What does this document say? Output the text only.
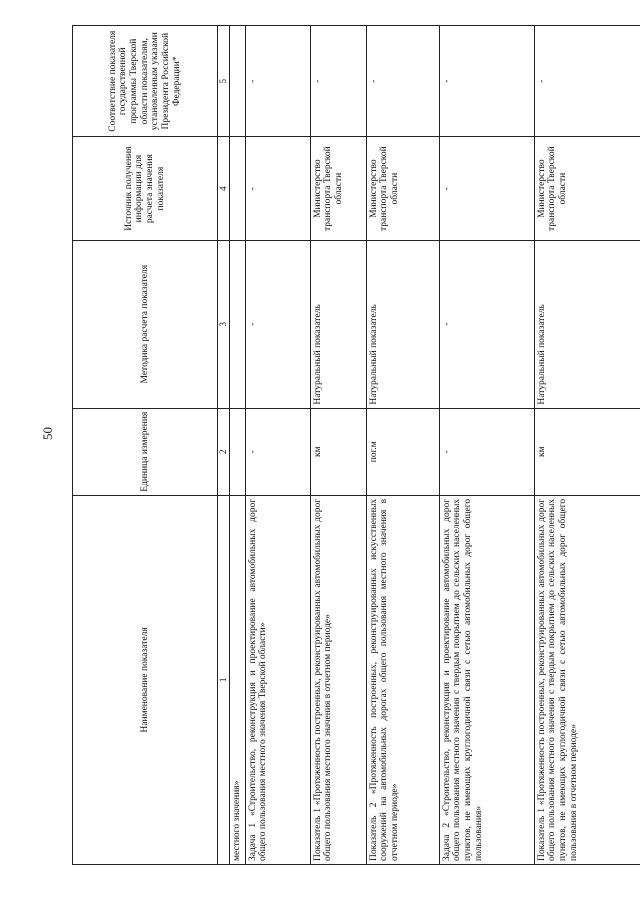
50
Наименование показателя	Единица измерения	Методика расчета показателя	Источник получения информации для расчета значения показателя	Соответствие показателя государственной программы Тверской области показателям, установленным указами Президента Российской Федерации*
1	2	3	4	5
местного значения»				
Задача 1 «Строительство, реконструкция и проектирование автомобильных дорог общего пользования местного значения Тверской области»	-	-	-	-
Показатель 1 «Протяженность построенных, реконструированных автомобильных дорог общего пользования местного значения в отчетном периоде»	км	Натуральный показатель	Министерство транспорта Тверской области	-
Показатель 2 «Протяженность построенных, реконструированных искусственных сооружений на автомобильных дорогах общего пользования местного значения в отчетном периоде»	пог.м	Натуральный показатель	Министерство транспорта Тверской области	-
Задача 2 «Строительство, реконструкция и проектирование автомобильных дорог общего пользования местного значения с твердым покрытием до сельских населенных пунктов, не имеющих круглогодичной связи с сетью автомобильных дорог общего пользования»	-	-	-	-
Показатель 1 «Протяженность построенных, реконструированных автомобильных дорог общего пользования местного значения с твердым покрытием до сельских населенных пунктов, не имеющих круглогодичной связи с сетью автомобильных дорог общего пользования в отчетном периоде»	км	Натуральный показатель	Министерство транспорта Тверской области	-
